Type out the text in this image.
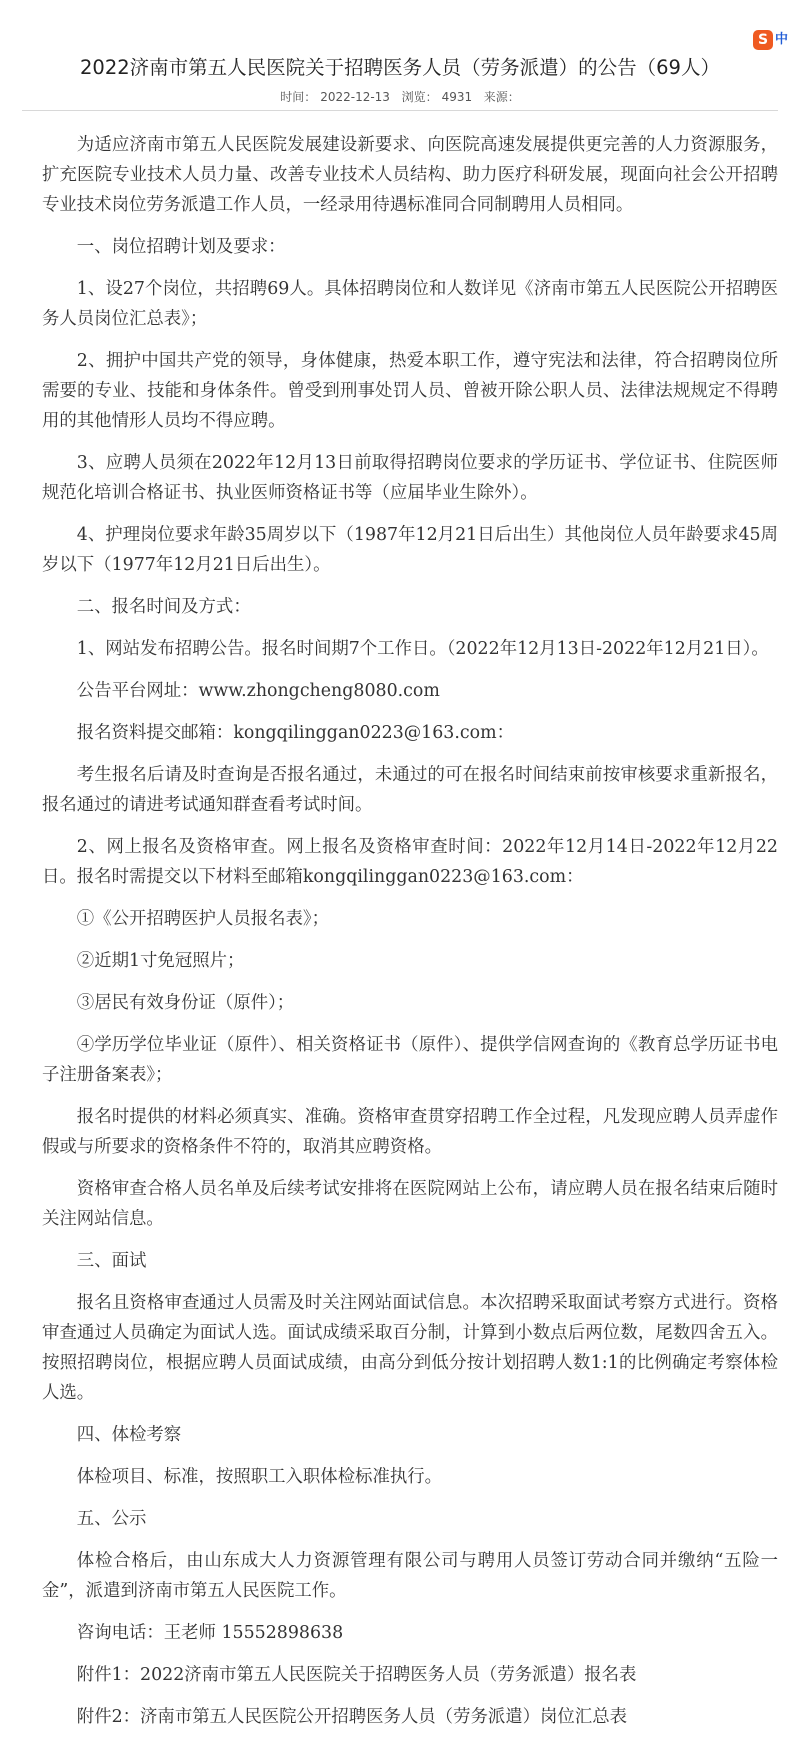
S 中
2022济南市第五人民医院关于招聘医务人员（劳务派遣）的公告（69人）
时间： 2022-12-13 浏览： 4931 来源：

为适应济南市第五人民医院发展建设新要求、向医院高速发展提供更完善的人力资源服务，扩充医院专业技术人员力量、改善专业技术人员结构、助力医疗科研发展，现面向社会公开招聘专业技术岗位劳务派遣工作人员，一经录用待遇标准同合同制聘用人员相同。

一、岗位招聘计划及要求：

1、设27个岗位，共招聘69人。具体招聘岗位和人数详见《济南市第五人民医院公开招聘医务人员岗位汇总表》；

2、拥护中国共产党的领导，身体健康，热爱本职工作，遵守宪法和法律，符合招聘岗位所需要的专业、技能和身体条件。曾受到刑事处罚人员、曾被开除公职人员、法律法规规定不得聘用的其他情形人员均不得应聘。

3、应聘人员须在2022年12月13日前取得招聘岗位要求的学历证书、学位证书、住院医师规范化培训合格证书、执业医师资格证书等（应届毕业生除外）。

4、护理岗位要求年龄35周岁以下（1987年12月21日后出生）其他岗位人员年龄要求45周岁以下（1977年12月21日后出生）。

二、报名时间及方式：

1、网站发布招聘公告。报名时间期7个工作日。（2022年12月13日-2022年12月21日）。

公告平台网址：www.zhongcheng8080.com

报名资料提交邮箱：kongqilinggan0223@163.com：

考生报名后请及时查询是否报名通过，未通过的可在报名时间结束前按审核要求重新报名，报名通过的请进考试通知群查看考试时间。

2、网上报名及资格审查。网上报名及资格审查时间：2022年12月14日-2022年12月22日。报名时需提交以下材料至邮箱kongqilinggan0223@163.com：

①《公开招聘医护人员报名表》；

②近期1寸免冠照片；

③居民有效身份证（原件）；

④学历学位毕业证（原件）、相关资格证书（原件）、提供学信网查询的《教育总学历证书电子注册备案表》；

报名时提供的材料必须真实、准确。资格审查贯穿招聘工作全过程，凡发现应聘人员弄虚作假或与所要求的资格条件不符的，取消其应聘资格。

资格审查合格人员名单及后续考试安排将在医院网站上公布，请应聘人员在报名结束后随时关注网站信息。

三、面试

报名且资格审查通过人员需及时关注网站面试信息。本次招聘采取面试考察方式进行。资格审查通过人员确定为面试人选。面试成绩采取百分制，计算到小数点后两位数，尾数四舍五入。按照招聘岗位，根据应聘人员面试成绩，由高分到低分按计划招聘人数1:1的比例确定考察体检人选。

四、体检考察

体检项目、标准，按照职工入职体检标准执行。

五、公示

体检合格后，由山东成大人力资源管理有限公司与聘用人员签订劳动合同并缴纳“五险一金”，派遣到济南市第五人民医院工作。

咨询电话：王老师 15552898638

附件1：2022济南市第五人民医院关于招聘医务人员（劳务派遣）报名表

附件2：济南市第五人民医院公开招聘医务人员（劳务派遣）岗位汇总表
